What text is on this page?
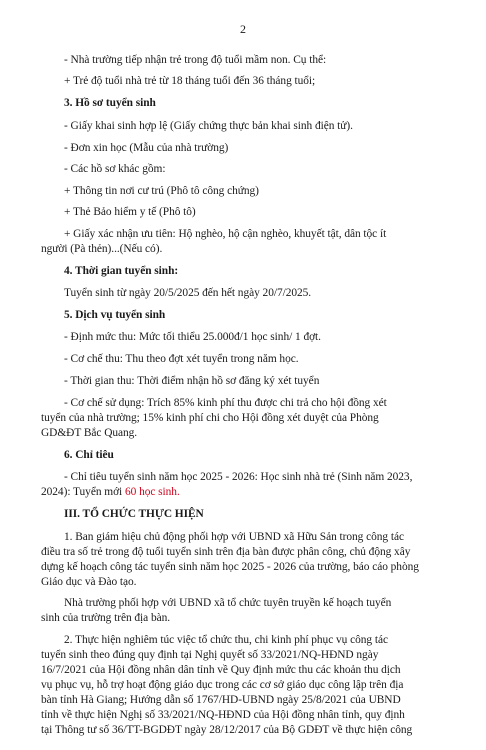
2
- Nhà trường tiếp nhận trẻ trong độ tuổi mầm non. Cụ thể:
+ Trẻ độ tuổi nhà trẻ từ 18 tháng tuổi đến 36 tháng tuổi;
3. Hồ sơ tuyển sinh
- Giấy khai sinh hợp lệ (Giấy chứng thực bản khai sinh điện tử).
- Đơn xin học (Mẫu của nhà trường)
- Các hồ sơ khác gồm:
+ Thông tin nơi cư trú (Phô tô công chứng)
+ Thẻ Bảo hiểm y tế (Phô tô)
+ Giấy xác nhận ưu tiên: Hộ nghèo, hộ cận nghèo, khuyết tật, dân tộc ít
người (Pà thẻn)...(Nếu có).
4. Thời gian tuyển sinh:
Tuyển sinh từ ngày 20/5/2025 đến hết ngày 20/7/2025.
5. Dịch vụ tuyển sinh
- Định mức thu: Mức tối thiểu 25.000đ/1 học sinh/ 1 đợt.
- Cơ chế thu: Thu theo đợt xét tuyển trong năm học.
- Thời gian thu: Thời điểm nhận hồ sơ đăng ký xét tuyển
- Cơ chế sử dụng: Trích 85% kinh phí thu được chi trả cho hội đồng xét
tuyển của nhà trường; 15% kinh phí chi cho Hội đồng xét duyệt của Phòng
GD&ĐT Bắc Quang.
6. Chỉ tiêu
- Chỉ tiêu tuyển sinh năm học 2025 - 2026: Học sinh nhà trẻ (Sinh năm 2023,
2024): Tuyển mới 60 học sinh.
III. TỔ CHỨC THỰC HIỆN
1. Ban giám hiệu chủ động phối hợp với UBND xã Hữu Sản trong công tác
điều tra số trẻ trong độ tuổi tuyển sinh trên địa bàn được phân công, chủ động xây
dựng kế hoạch công tác tuyển sinh năm học 2025 - 2026 của trường, báo cáo phòng
Giáo dục và Đào tạo.
Nhà trường phối hợp với UBND xã tổ chức tuyên truyền kế hoạch tuyển
sinh của trường trên địa bàn.
2. Thực hiện nghiêm túc việc tổ chức thu, chi kinh phí phục vụ công tác
tuyển sinh theo đúng quy định tại Nghị quyết số 33/2021/NQ-HĐND ngày
16/7/2021 của Hội đồng nhân dân tỉnh về Quy định mức thu các khoản thu dịch
vụ phục vụ, hỗ trợ hoạt động giáo dục trong các cơ sở giáo dục công lập trên địa
bàn tỉnh Hà Giang; Hướng dẫn số 1767/HD-UBND ngày 25/8/2021 của UBND
tỉnh về thực hiện Nghị số 33/2021/NQ-HĐND của Hội đồng nhân tỉnh, quy định
tại Thông tư số 36/TT-BGDĐT ngày 28/12/2017 của Bộ GDĐT về thực hiện công
